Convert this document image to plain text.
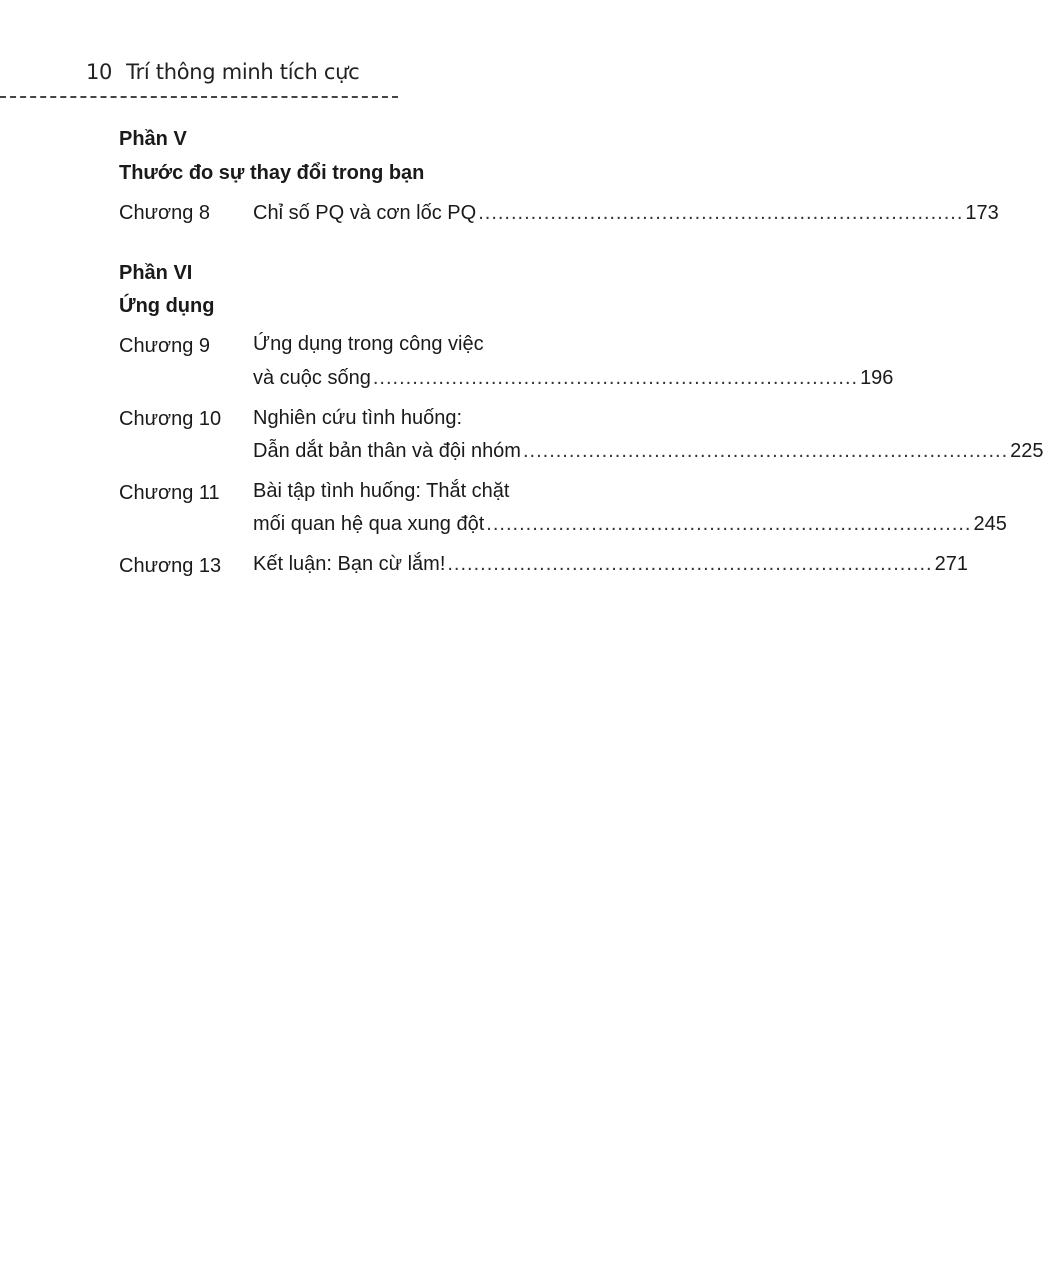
10 Trí thông minh tích cực
Phần V
Thước đo sự thay đổi trong bạn
Chương 8 Chỉ số PQ và cơn lốc PQ .......................................................................... 173
Phần VI
Ứng dụng
Chương 9 Ứng dụng trong công việc
và cuộc sống .......................................................................... 196
Chương 10 Nghiên cứu tình huống:
Dẫn dắt bản thân và đội nhóm .......................................................................... 225
Chương 11 Bài tập tình huống: Thắt chặt
mối quan hệ qua xung đột .......................................................................... 245
Chương 13 Kết luận: Bạn cừ lắm! .......................................................................... 271
